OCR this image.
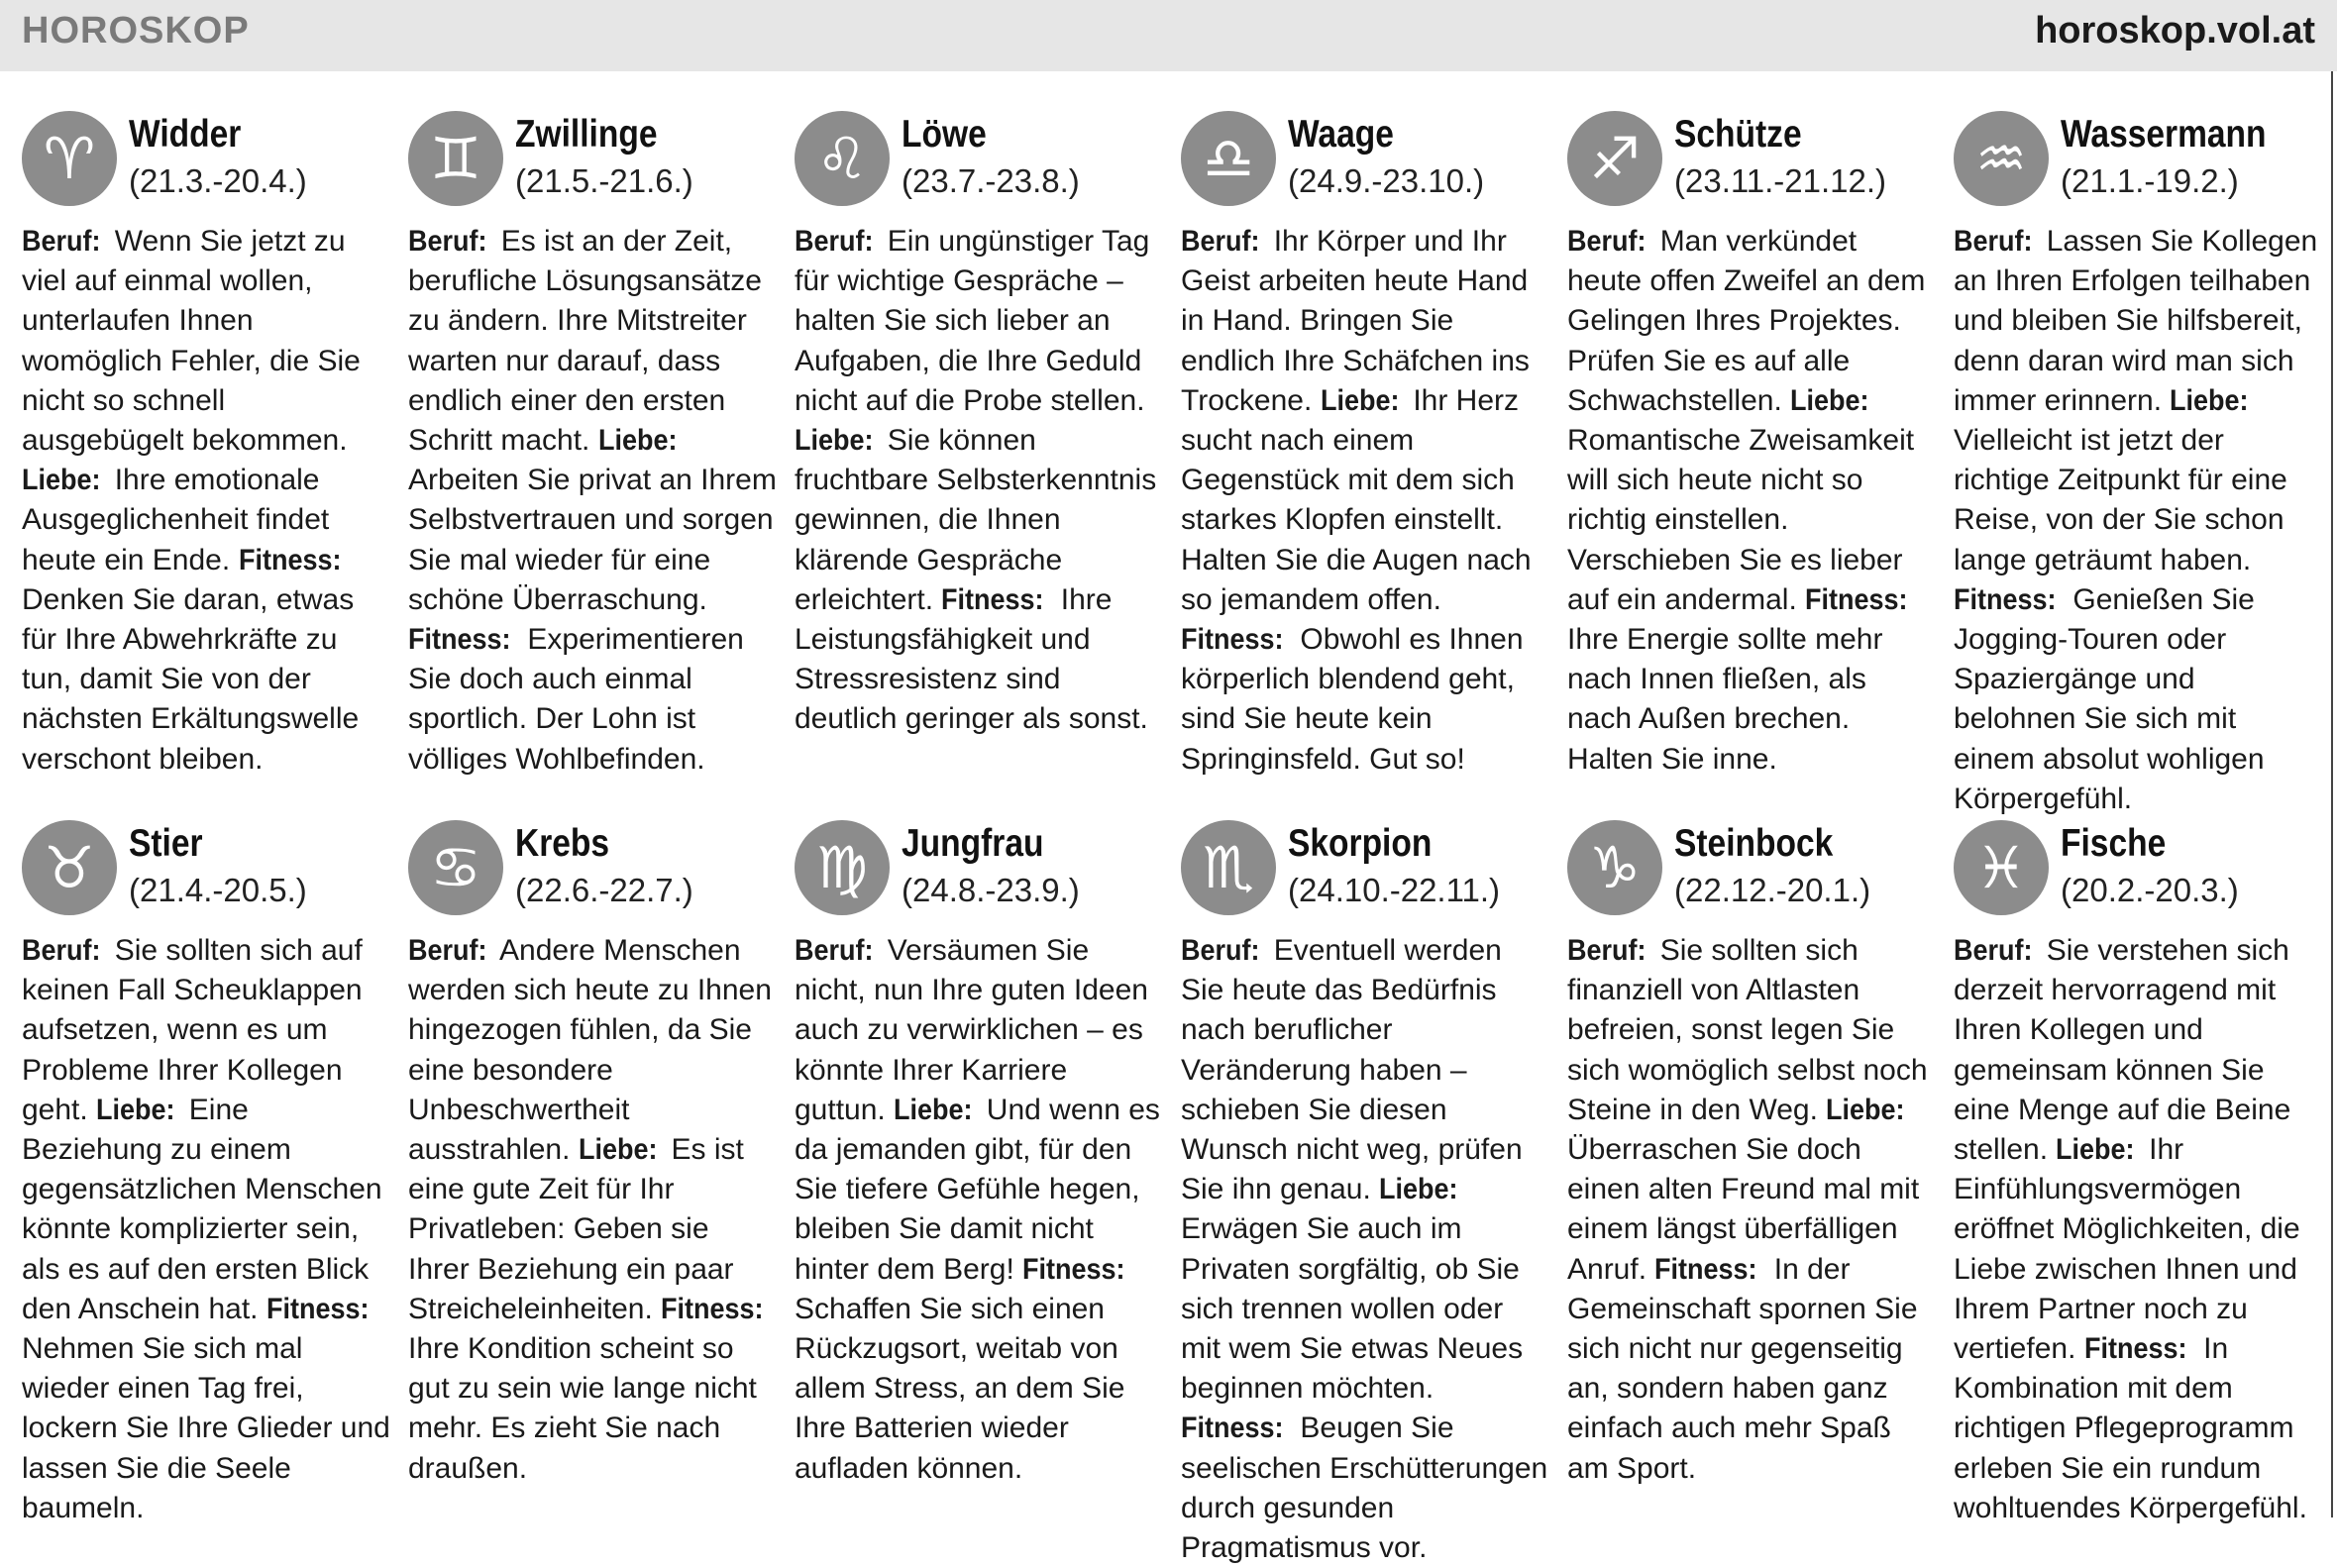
HOROSKOP	horoskop.vol.at
♈ Widder
(21.3.-20.4.)
Beruf: Wenn Sie jetzt zu viel auf einmal wollen, unterlaufen Ihnen womöglich Fehler, die Sie nicht so schnell ausgebügelt bekommen. Liebe: Ihre emotionale Ausgeglichenheit findet heute ein Ende. Fitness: Denken Sie daran, etwas für Ihre Abwehrkräfte zu tun, damit Sie von der nächsten Erkältungswelle verschont bleiben.
♊ Zwillinge
(21.5.-21.6.)
Beruf: Es ist an der Zeit, berufliche Lösungsansätze zu ändern. Ihre Mitstreiter warten nur darauf, dass endlich einer den ersten Schritt macht. Liebe: Arbeiten Sie privat an Ihrem Selbstvertrauen und sorgen Sie mal wieder für eine schöne Überraschung. Fitness: Experimentieren Sie doch auch einmal sportlich. Der Lohn ist völliges Wohlbefinden.
♌ Löwe
(23.7.-23.8.)
Beruf: Ein ungünstiger Tag für wichtige Gespräche – halten Sie sich lieber an Aufgaben, die Ihre Geduld nicht auf die Probe stellen. Liebe: Sie können fruchtbare Selbsterkenntnis gewinnen, die Ihnen klärende Gespräche erleichtert. Fitness: Ihre Leistungsfähigkeit und Stressresistenz sind deutlich geringer als sonst.
♎ Waage
(24.9.-23.10.)
Beruf: Ihr Körper und Ihr Geist arbeiten heute Hand in Hand. Bringen Sie endlich Ihre Schäfchen ins Trockene. Liebe: Ihr Herz sucht nach einem Gegenstück mit dem sich starkes Klopfen einstellt. Halten Sie die Augen nach so jemandem offen. Fitness: Obwohl es Ihnen körperlich blendend geht, sind Sie heute kein Springinsfeld. Gut so!
♐ Schütze
(23.11.-21.12.)
Beruf: Man verkündet heute offen Zweifel an dem Gelingen Ihres Projektes. Prüfen Sie es auf alle Schwachstellen. Liebe: Romantische Zweisamkeit will sich heute nicht so richtig einstellen. Verschieben Sie es lieber auf ein andermal. Fitness: Ihre Energie sollte mehr nach Innen fließen, als nach Außen brechen. Halten Sie inne.
♒ Wassermann
(21.1.-19.2.)
Beruf: Lassen Sie Kollegen an Ihren Erfolgen teilhaben und bleiben Sie hilfsbereit, denn daran wird man sich immer erinnern. Liebe: Vielleicht ist jetzt der richtige Zeitpunkt für eine Reise, von der Sie schon lange geträumt haben. Fitness: Genießen Sie Jogging-Touren oder Spaziergänge und belohnen Sie sich mit einem absolut wohligen Körpergefühl.
♉ Stier
(21.4.-20.5.)
Beruf: Sie sollten sich auf keinen Fall Scheuklappen aufsetzen, wenn es um Probleme Ihrer Kollegen geht. Liebe: Eine Beziehung zu einem gegensätzlichen Menschen könnte komplizierter sein, als es auf den ersten Blick den Anschein hat. Fitness: Nehmen Sie sich mal wieder einen Tag frei, lockern Sie Ihre Glieder und lassen Sie die Seele baumeln.
♋ Krebs
(22.6.-22.7.)
Beruf: Andere Menschen werden sich heute zu Ihnen hingezogen fühlen, da Sie eine besondere Unbeschwertheit ausstrahlen. Liebe: Es ist eine gute Zeit für Ihr Privatleben: Geben sie Ihrer Beziehung ein paar Streicheleinheiten. Fitness: Ihre Kondition scheint so gut zu sein wie lange nicht mehr. Es zieht Sie nach draußen.
♍ Jungfrau
(24.8.-23.9.)
Beruf: Versäumen Sie nicht, nun Ihre guten Ideen auch zu verwirklichen – es könnte Ihrer Karriere guttun. Liebe: Und wenn es da jemanden gibt, für den Sie tiefere Gefühle hegen, bleiben Sie damit nicht hinter dem Berg! Fitness: Schaffen Sie sich einen Rückzugsort, weitab von allem Stress, an dem Sie Ihre Batterien wieder aufladen können.
♏ Skorpion
(24.10.-22.11.)
Beruf: Eventuell werden Sie heute das Bedürfnis nach beruflicher Veränderung haben – schieben Sie diesen Wunsch nicht weg, prüfen Sie ihn genau. Liebe: Erwägen Sie auch im Privaten sorgfältig, ob Sie sich trennen wollen oder mit wem Sie etwas Neues beginnen möchten. Fitness: Beugen Sie seelischen Erschütterungen durch gesunden Pragmatismus vor.
♑ Steinbock
(22.12.-20.1.)
Beruf: Sie sollten sich finanziell von Altlasten befreien, sonst legen Sie sich womöglich selbst noch Steine in den Weg. Liebe: Überraschen Sie doch einen alten Freund mal mit einem längst überfälligen Anruf. Fitness: In der Gemeinschaft spornen Sie sich nicht nur gegenseitig an, sondern haben ganz einfach auch mehr Spaß am Sport.
♓ Fische
(20.2.-20.3.)
Beruf: Sie verstehen sich derzeit hervorragend mit Ihren Kollegen und gemeinsam können Sie eine Menge auf die Beine stellen. Liebe: Ihr Einfühlungsvermögen eröffnet Möglichkeiten, die Liebe zwischen Ihnen und Ihrem Partner noch zu vertiefen. Fitness: In Kombination mit dem richtigen Pflegeprogramm erleben Sie ein rundum wohltuendes Körpergefühl.
